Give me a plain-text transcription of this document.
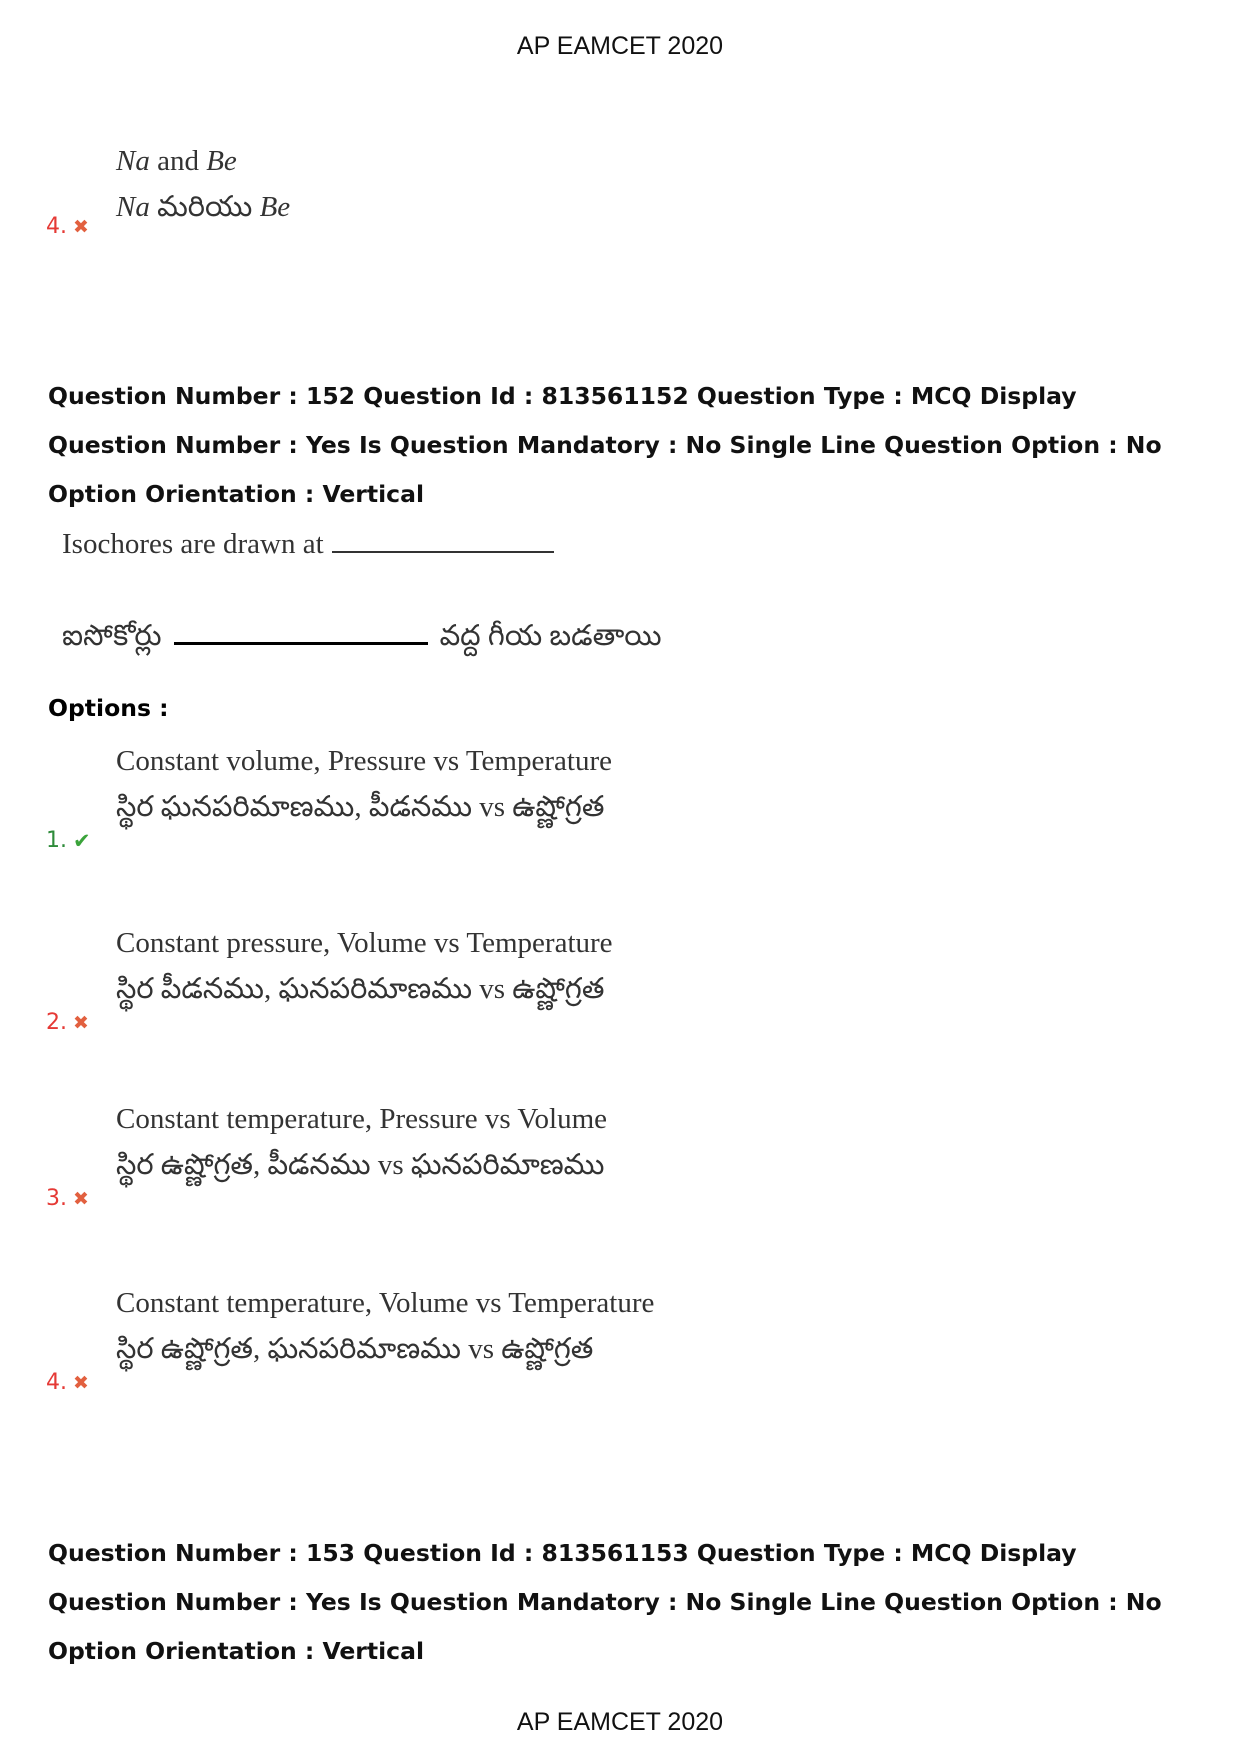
AP EAMCET 2020
Na and Be
Na మరియు Be
4. ✖
Question Number : 152 Question Id : 813561152 Question Type : MCQ Display Question Number : Yes Is Question Mandatory : No Single Line Question Option : No Option Orientation : Vertical
Isochores are drawn at
ఐసోకోర్లు	వద్ద గీయ బడతాయి
Options :
Constant volume, Pressure vs Temperature
స్థిర ఘనపరిమాణము, పీడనము vs ఉష్ణోగ్రత
1. ✔
Constant pressure, Volume vs Temperature
స్థిర పీడనము, ఘనపరిమాణము vs ఉష్ణోగ్రత
2. ✖
Constant temperature, Pressure vs Volume
స్థిర ఉష్ణోగ్రత, పీడనము vs ఘనపరిమాణము
3. ✖
Constant temperature, Volume vs Temperature
స్థిర ఉష్ణోగ్రత, ఘనపరిమాణము vs ఉష్ణోగ్రత
4. ✖
Question Number : 153 Question Id : 813561153 Question Type : MCQ Display Question Number : Yes Is Question Mandatory : No Single Line Question Option : No Option Orientation : Vertical
AP EAMCET 2020
